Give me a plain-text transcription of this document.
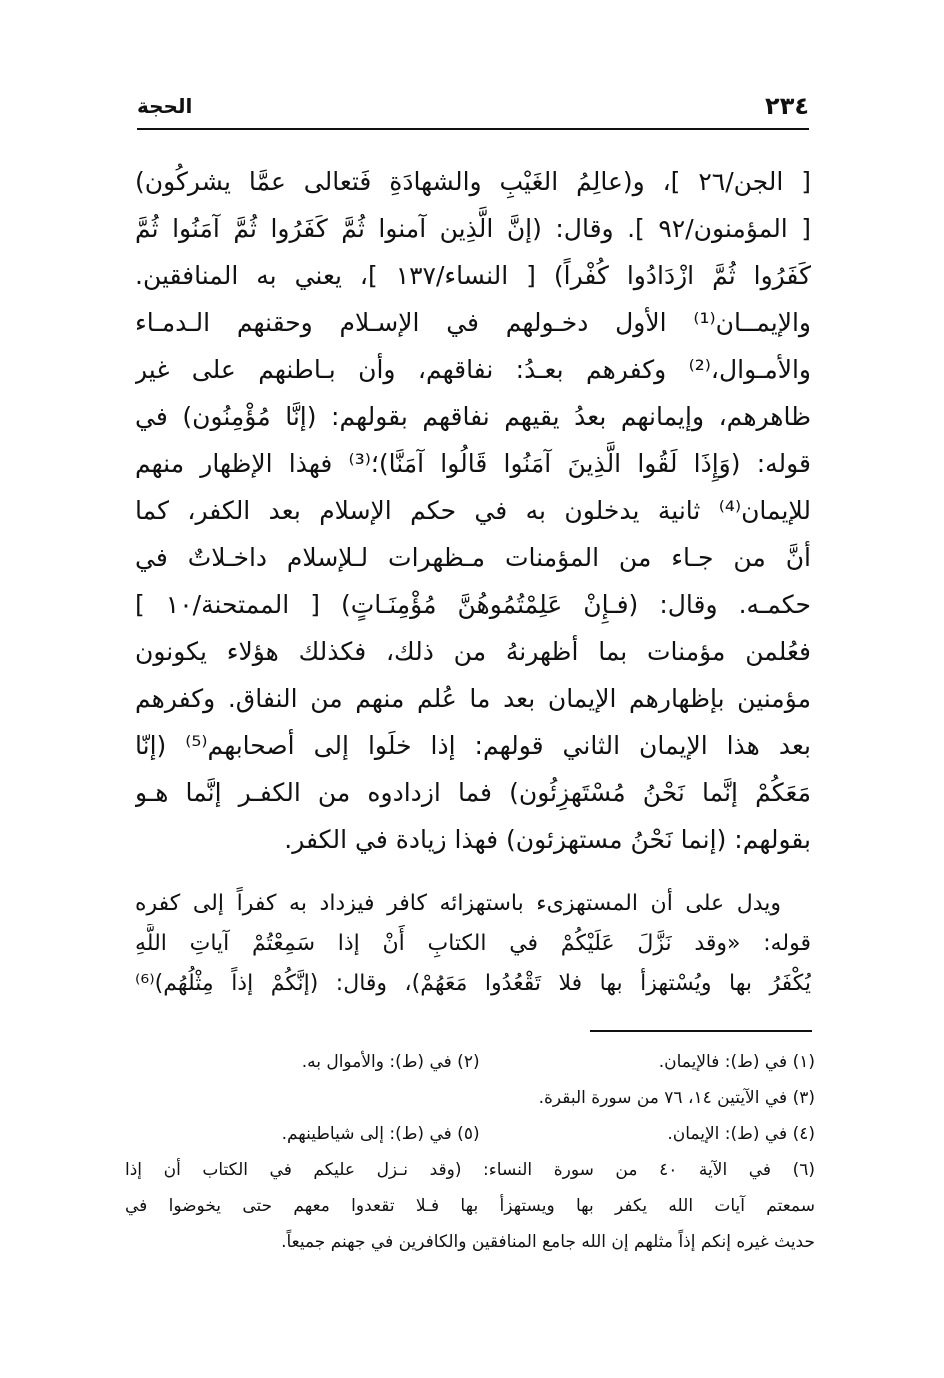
٢٣٤
الحجة
[ الجن/٢٦ ]، و(عالِمُ الغَيْبِ والشهادَةِ فَتعالى عمَّا يشركُون)
[ المؤمنون/٩٢ ]. وقال: (إنَّ الَّذِين آمنوا ثُمَّ كَفَرُوا ثُمَّ آمَنُوا ثُمَّ
كَفَرُوا ثُمَّ ازْدَادُوا كُفْراً) [ النساء/١٣٧ ]، يعني به المنافقين.
والإيمــان⁽¹⁾ الأول دخـولهم في الإسـلام وحقنهم الـدمـاء
والأمـوال،⁽²⁾ وكفرهم بعـدُ: نفاقهم، وأن بـاطنهم على غير
ظاهرهم، وإيمانهم بعدُ يقيهم نفاقهم بقولهم: (إنَّا مُؤْمِنُون) في
قوله: (وَإِذَا لَقُوا الَّذِينَ آمَنُوا قَالُوا آمَنَّا)؛⁽³⁾ فهذا الإظهار منهم
للإيمان⁽⁴⁾ ثانية يدخلون به في حكم الإسلام بعد الكفر، كما
أنَّ من جـاء من المؤمنات مـظهرات لـلإسلام داخـلاتٌ في
حكمـه. وقال: (فـإِنْ عَلِمْتُمُوهُنَّ مُؤْمِنَـاتٍ) [ الممتحنة/١٠ ]
فعُلمن مؤمنات بما أظهرنهُ من ذلك، فكذلك هؤلاء يكونون
مؤمنين بإظهارهم الإيمان بعد ما عُلم منهم من النفاق. وكفرهم
بعد هذا الإيمان الثاني قولهم: إذا خلَوا إلى أصحابهم⁽⁵⁾ (إنّا
مَعَكُمْ إنَّما نَحْنُ مُسْتَهزِئُون) فما ازدادوه من الكفـر إنَّما هـو
بقولهم: (إنما نَحْنُ مستهزئون) فهذا زيادة في الكفر.
ويدل على أن المستهزىء باستهزائه كافر فيزداد به كفراً إلى كفره
قوله: «وقد نَزَّلَ عَلَيْكُمْ في الكتابِ أَنْ إذا سَمِعْتُمْ آياتِ اللَّهِ
يُكْفَرُ بها ويُسْتهزأ بها فلا تَقْعُدُوا مَعَهُمْ)، وقال: (إنَّكُمْ إذاً مِثْلُهُم)⁽⁶⁾
(١) في (ط): فالإيمان. (٢) في (ط): والأموال به.
(٣) في الآيتين ١٤، ٧٦ من سورة البقرة.
(٤) في (ط): الإيمان. (٥) في (ط): إلى شياطينهم.
(٦) في الآية ٤٠ من سورة النساء: (وقد نـزل عليكم في الكتاب أن إذا
سمعتم آيات الله يكفر بها ويستهزأ بها فـلا تقعدوا معهم حتى يخوضوا في
حديث غيره إنكم إذاً مثلهم إن الله جامع المنافقين والكافرين في جهنم جميعاً.
